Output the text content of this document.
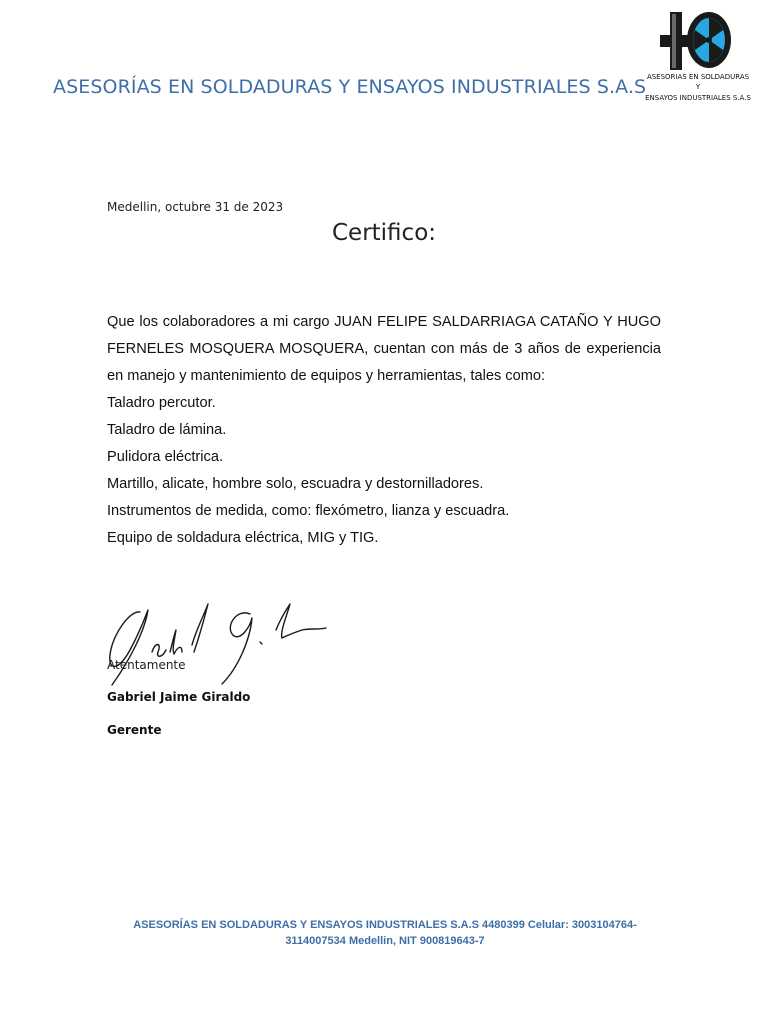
ASESORÍAS EN SOLDADURAS Y ENSAYOS INDUSTRIALES S.A.S ASESORIAS EN SOLDADURAS
Y
ENSAYOS INDUSTRIALES S.A.S
Medellin, octubre 31 de 2023
Certifico:

Que los colaboradores a mi cargo JUAN FELIPE SALDARRIAGA CATAÑO Y HUGO FERNELES MOSQUERA MOSQUERA, cuentan con más de 3 años de experiencia en manejo y mantenimiento de equipos y herramientas, tales como:

Taladro percutor.
Taladro de lámina.
Pulidora eléctrica.
Martillo, alicate, hombre solo, escuadra y destornilladores.
Instrumentos de medida, como: flexómetro, lianza y escuadra.
Equipo de soldadura eléctrica, MIG y TIG.
Atentamente
Gabriel Jaime Giraldo
Gerente
ASESORÍAS EN SOLDADURAS Y ENSAYOS INDUSTRIALES S.A.S 4480399 Celular: 3003104764-
3114007534 Medellin, NIT 900819643-7
